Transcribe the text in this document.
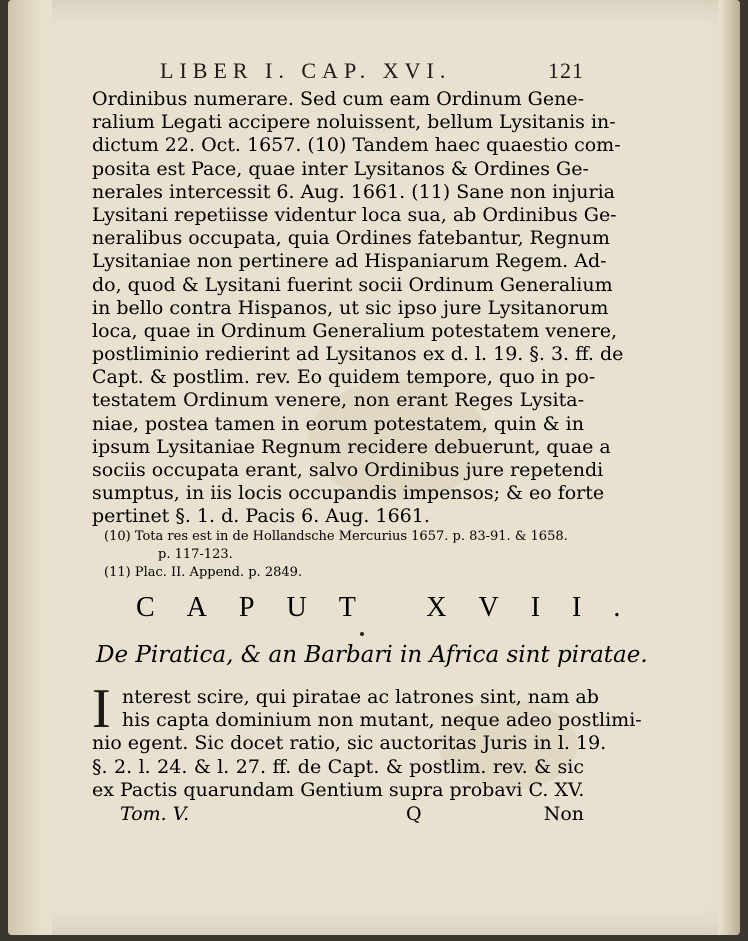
LIBER I. CAP. XVI.	121
Ordinibus numerare. Sed cum eam Ordinum Gene-
ralium Legati accipere noluissent, bellum Lysitanis in-
dictum 22. Oct. 1657. (10) Tandem haec quaestio com-
posita est Pace, quae inter Lysitanos & Ordines Ge-
nerales intercessit 6. Aug. 1661. (11) Sane non injuria
Lysitani repetiisse videntur loca sua, ab Ordinibus Ge-
neralibus occupata, quia Ordines fatebantur, Regnum
Lysitaniae non pertinere ad Hispaniarum Regem. Ad-
do, quod & Lysitani fuerint socii Ordinum Generalium
in bello contra Hispanos, ut sic ipso jure Lysitanorum
loca, quae in Ordinum Generalium potestatem venere,
postliminio redierint ad Lysitanos ex d. l. 19. §. 3. ff. de
Capt. & postlim. rev. Eo quidem tempore, quo in po-
testatem Ordinum venere, non erant Reges Lysita-
niae, postea tamen in eorum potestatem, quin & in
ipsum Lysitaniae Regnum recidere debuerunt, quae a
sociis occupata erant, salvo Ordinibus jure repetendi
sumptus, in iis locis occupandis impensos; & eo forte
pertinet §. 1. d. Pacis 6. Aug. 1661.
(10) Tota res est in de Hollandsche Mercurius 1657. p. 83-91. & 1658.
p. 117-123.
(11) Plac. II. Append. p. 2849.
CAPUT XVII.
De Piratica, & an Barbari in Africa sint piratae.
I nterest scire, qui piratae ac latrones sint, nam ab
his capta dominium non mutant, neque adeo postlimi-
nio egent. Sic docet ratio, sic auctoritas Juris in l. 19.
§. 2. l. 24. & l. 27. ff. de Capt. & postlim. rev. & sic
ex Pactis quarundam Gentium supra probavi C. XV.
Tom. V.	Q	Non
